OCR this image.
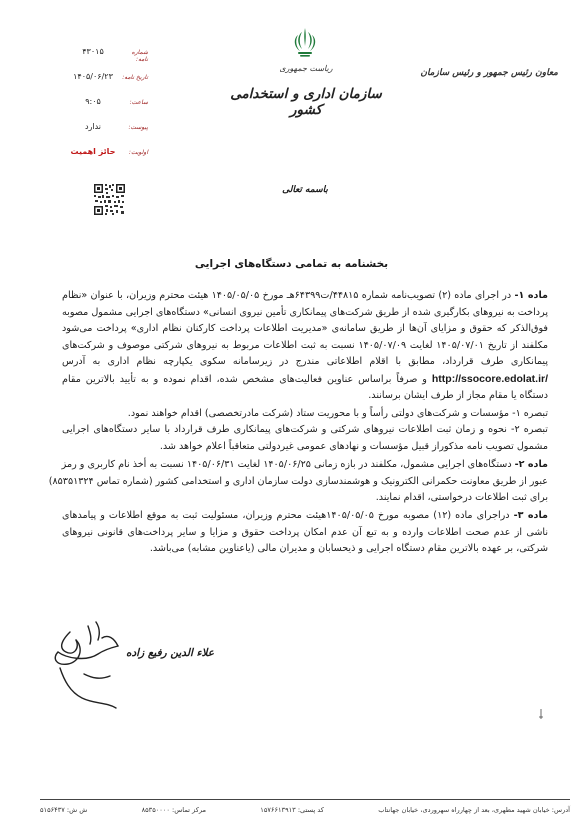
شماره نامه:
۴۳۰۱۵
تاریخ نامه:
۱۴۰۵/۰۶/۲۳
ساعت:
۹:۰۵
پیوست:
ندارد
اولویت:
حائز اهمیت
ریاست جمهوری
سازمان اداری و استخدامی کشور
معاون رئیس جمهور و رئیس سازمان
باسمه تعالی
بخشنامه به تمامی دستگاه‌های اجرایی
ماده ۱- در اجرای ماده (۲) تصویب‌نامه شماره ۴۴۸۱۵/ت۶۴۳۹۹هـ مورخ ۱۴۰۵/۰۵/۰۵ هیئت محترم وزیران، با عنوان «نظام
پرداخت به نیروهای بکارگیری شده از طریق شرکت‌های پیمانکاری تأمین نیروی انسانی» دستگاه‌های اجرایی مشمول مصوبه
فوق‌الذکر که حقوق و مزایای آن‌ها از طریق سامانه‌ی «مدیریت اطلاعات پرداخت کارکنان نظام اداری» پرداخت می‌شود
مکلفند از تاریخ ۱۴۰۵/۰۷/۰۱ لغایت ۱۴۰۵/۰۷/۰۹ نسبت به ثبت اطلاعات مربوط به نیروهای شرکتی موصوف و شرکت‌های
پیمانکاری طرف قرارداد، مطابق با اقلام اطلاعاتی مندرج در زیرسامانه سکوی یکپارچه نظام اداری به آدرس
http://ssocore.edolat.ir/ و صرفاً براساس عناوین فعالیت‌های مشخص شده، اقدام نموده و به تأیید بالاترین مقام
دستگاه یا مقام مجاز از طرف ایشان برسانند.
تبصره ۱- مؤسسات و شرکت‌های دولتی رأساً و با محوریت ستاد (شرکت مادرتخصصی) اقدام خواهند نمود.
تبصره ۲- نحوه و زمان ثبت اطلاعات نیروهای شرکتی و شرکت‌های پیمانکاری طرف قرارداد با سایر دستگاه‌های اجرایی
مشمول تصویب نامه مذکوراز قبیل مؤسسات و نهادهای عمومی غیردولتی متعاقباً اعلام خواهد شد.
ماده ۲- دستگاه‌های اجرایی مشمول، مکلفند در بازه زمانی ۱۴۰۵/۰۶/۲۵ لغایت ۱۴۰۵/۰۶/۳۱ نسبت به أخذ نام کاربری و رمز
عبور از طریق معاونت حکمرانی الکترونیک و هوشمندسازی دولت سازمان اداری و استخدامی کشور (شماره تماس ۸۵۳۵۱۳۲۴)
برای ثبت اطلاعات درخواستی، اقدام نمایند.
ماده ۳- دراجرای ماده (۱۲) مصوبه مورخ ۱۴۰۵/۰۵/۰۵هیئت محترم وزیران، مسئولیت ثبت به موقع اطلاعات و پیامدهای
ناشی از عدم صحت اطلاعات وارده و به تبع آن عدم امکان پرداخت حقوق و مزایا و سایر پرداخت‌های قانونی نیروهای
شرکتی، بر عهده بالاترین مقام دستگاه اجرایی و ذیحسابان و مدیران مالی (یاعناوین مشابه) می‌باشد.
علاء الدین رفیع زاده
آدرس: خیابان شهید مطهری، بعد از چهارراه سهروردی، خیابان جهانتاب
کد پستی: ۱۵۷۶۶۱۳۹۱۳
مرکز تماس: ۸۵۳۵۰۰۰۰
ش ش: ۵۱۵۶۴۳۷
